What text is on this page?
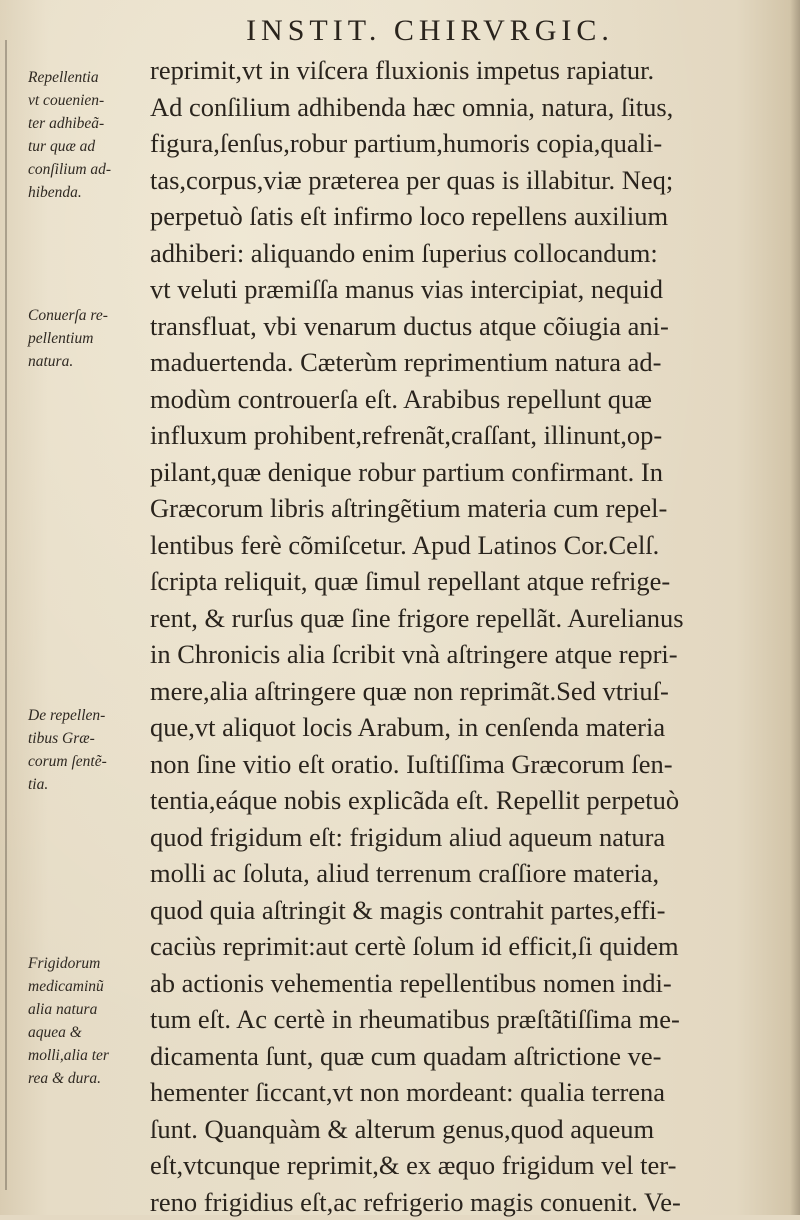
INSTIT. CHIRVRGIC.
reprimit,vt in viſcera fluxionis impetus rapiatur.
Ad conſilium adhibenda hæc omnia, natura, ſitus,
figura,ſenſus,robur partium,humoris copia,quali-
tas,corpus,viæ præterea per quas is illabitur. Neq;
perpetuò ſatis eſt infirmo loco repellens auxilium
adhiberi: aliquando enim ſuperius collocandum:
vt veluti præmiſſa manus vias intercipiat, nequid
transfluat, vbi venarum ductus atque cõiugia ani-
maduertenda. Cæterùm reprimentium natura ad-
modùm controuerſa eſt. Arabibus repellunt quæ
influxum prohibent,refrenãt,craſſant, illinunt,op-
pilant,quæ denique robur partium confirmant. In
Græcorum libris aſtringẽtium materia cum repel-
lentibus ferè cõmiſcetur. Apud Latinos Cor.Celſ.
ſcripta reliquit, quæ ſimul repellant atque refrige-
rent, & rurſus quæ ſine frigore repellãt. Aurelianus
in Chronicis alia ſcribit vnà aſtringere atque repri-
mere,alia aſtringere quæ non reprimãt.Sed vtriuſ-
que,vt aliquot locis Arabum, in cenſenda materia
non ſine vitio eſt oratio. Iuſtiſſima Græcorum ſen-
tentia,eáque nobis explicãda eſt. Repellit perpetuò
quod frigidum eſt: frigidum aliud aqueum natura
molli ac ſoluta, aliud terrenum craſſiore materia,
quod quia aſtringit & magis contrahit partes,effi-
caciùs reprimit:aut certè ſolum id efficit,ſi quidem
ab actionis vehementia repellentibus nomen indi-
tum eſt. Ac certè in rheumatibus præſtãtiſſima me-
dicamenta ſunt, quæ cum quadam aſtrictione ve-
hementer ſiccant,vt non mordeant: qualia terrena
ſunt. Quanquàm & alterum genus,quod aqueum
eſt,vtcunque reprimit,& ex æquo frigidum vel ter-
reno frigidius eſt,ac refrigerio magis conuenit. Ve-
Repellentia
vt couenien-
ter adhibeã-
tur quæ ad
conſilium ad-
hibenda.
Conuerſa re-
pellentium
natura.
De repellen-
tibus Græ-
corum ſentẽ-
tia.
Frigidorum
medicaminũ
alia natura
aquea &
molli,alia ter
rea & dura.
